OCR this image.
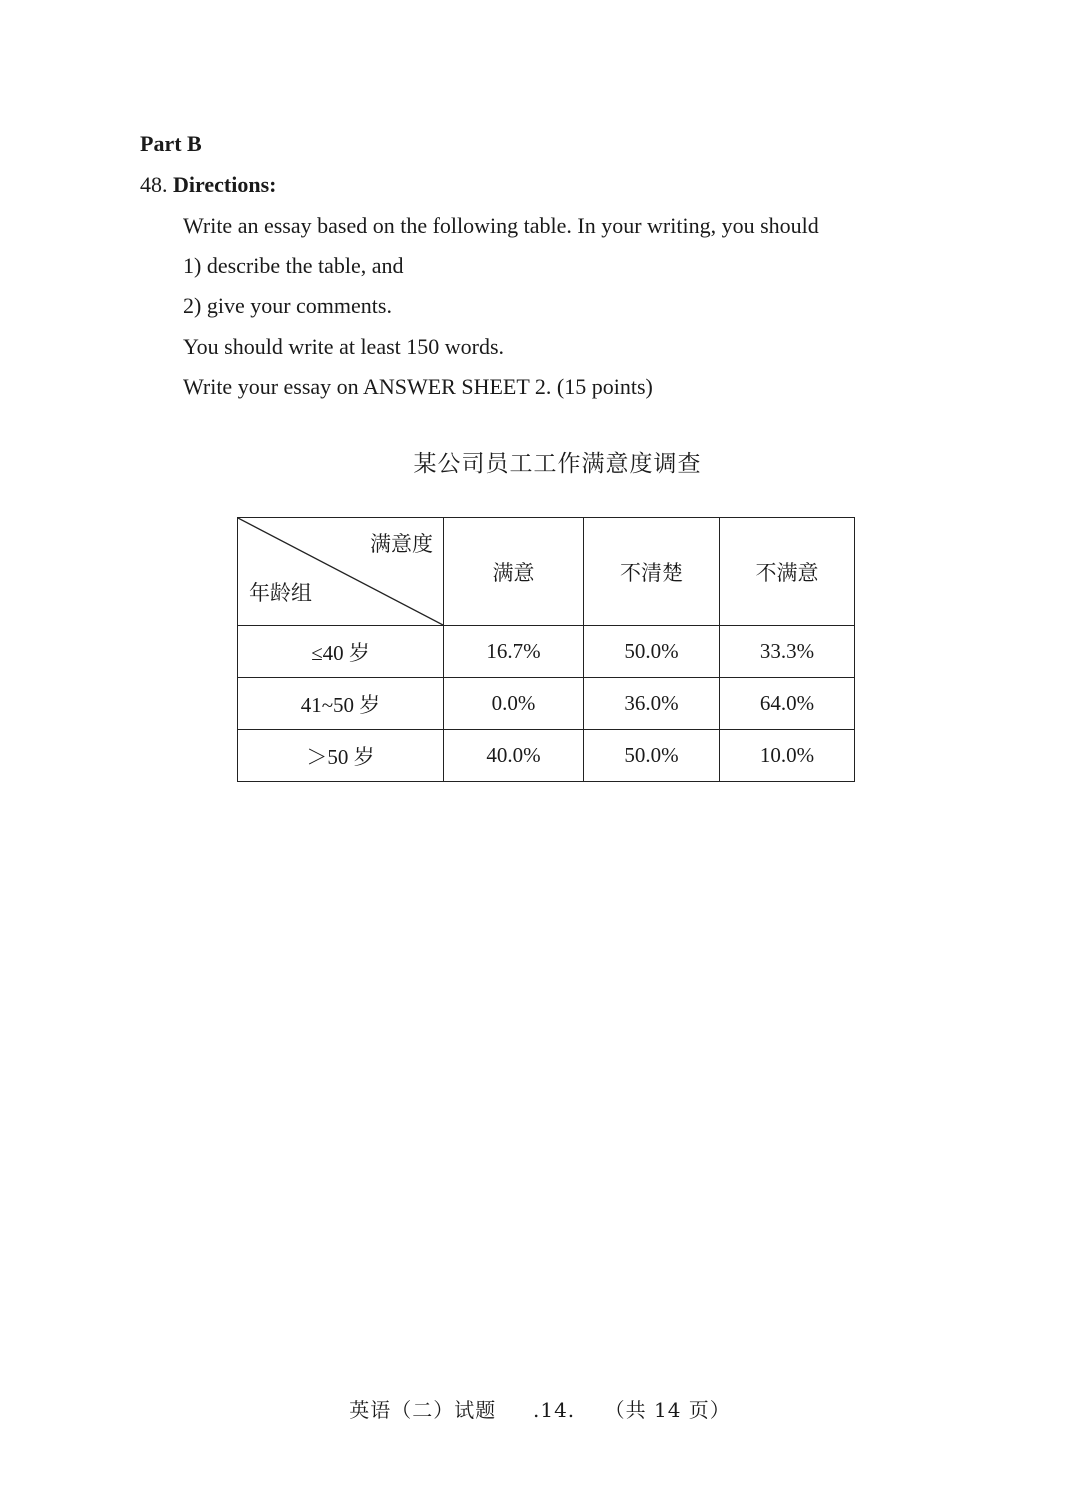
Part B
48. Directions:
Write an essay based on the following table. In your writing, you should
1) describe the table, and
2) give your comments.
You should write at least 150 words.
Write your essay on ANSWER SHEET 2. (15 points)
某公司员工工作满意度调查
满意度
年龄组	满意	不清楚	不满意
≤40 岁	16.7%	50.0%	33.3%
41~50 岁	0.0%	36.0%	64.0%
＞50 岁	40.0%	50.0%	10.0%
英语（二）试题 .14. （共 14 页）
